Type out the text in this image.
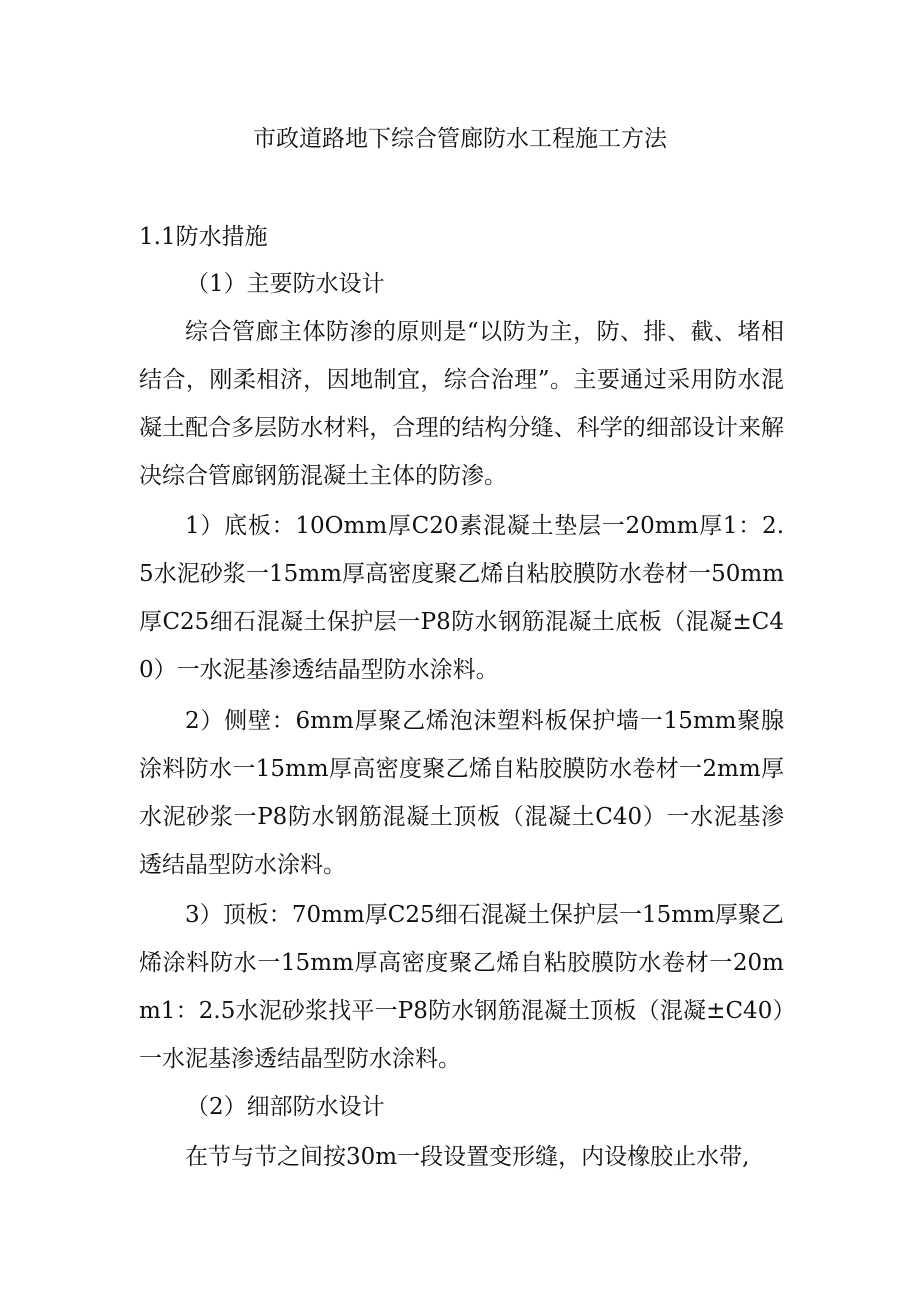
市政道路地下综合管廊防水工程施工方法
1.1防水措施
（1）主要防水设计

综合管廊主体防渗的原则是“以防为主，防、排、截、堵相结合，刚柔相济，因地制宜，综合治理”。主要通过采用防水混凝土配合多层防水材料，合理的结构分缝、科学的细部设计来解决综合管廊钢筋混凝土主体的防渗。

1）底板：10Omm厚C20素混凝土垫层一20mm厚1：2.5水泥砂浆一15mm厚高密度聚乙烯自粘胶膜防水卷材一50mm厚C25细石混凝土保护层一P8防水钢筋混凝土底板（混凝±C40）一水泥基渗透结晶型防水涂料。

2）侧壁：6mm厚聚乙烯泡沫塑料板保护墙一15mm聚腺涂料防水一15mm厚高密度聚乙烯自粘胶膜防水卷材一2mm厚水泥砂浆一P8防水钢筋混凝土顶板（混凝土C40）一水泥基渗透结晶型防水涂料。

3）顶板：70mm厚C25细石混凝土保护层一15mm厚聚乙烯涂料防水一15mm厚高密度聚乙烯自粘胶膜防水卷材一20mm1：2.5水泥砂浆找平一P8防水钢筋混凝土顶板（混凝±C40）一水泥基渗透结晶型防水涂料。

（2）细部防水设计

在节与节之间按30m一段设置变形缝，内设橡胶止水带,
